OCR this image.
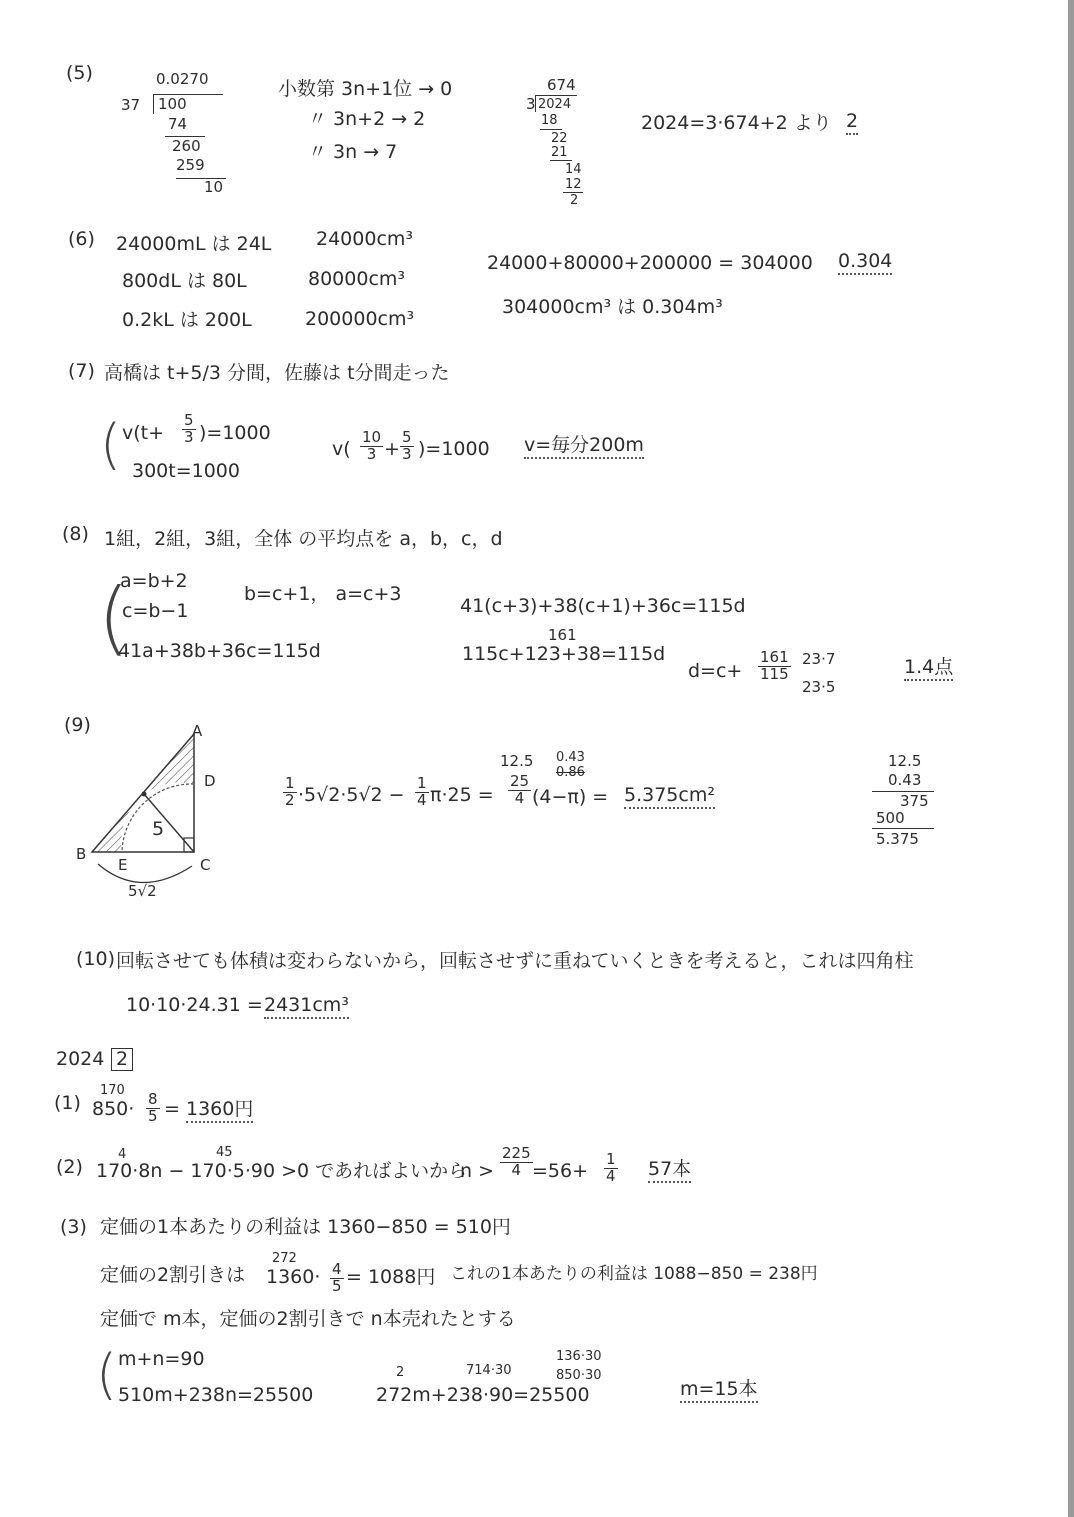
(5)	0.0270
37 100
74
260
259
10
小数第 3n+1位 → 0
〃 3n+2 → 2
〃 3n → 7
674
3 2024
18
22
21
14
12
2
2024=3·674+2 より 2
(6) 24000mL は 24L 24000cm³
800dL は 80L	80000cm³
0.2kL は 200L	200000cm³
24000+80000+200000 = 304000 0.304
304000cm³ は 0.304m³
(7) 高橋は t+5/3 分間，佐藤は t分間走った
( $v(t+ \frac{5}{3} )=1000$
300t=1000
$v( \frac{10}{3} + \frac{5}{3} )=1000$ v=毎分200m
(8) 1組，2組，3組，全体 の平均点を a，b，c，d
(
a=b+2
c=b−1
41a+38b+36c=115d
b=c+1， a=c+3
41(c+3)+38(c+1)+36c=115d
161
115c+123+38=115d
$d=c+ \frac{161}{115} 23\cdot 7$
23·5
1.4点
(9)	A
D
B
E	C
5
5√2
$\frac{1}{2} \cdot 5√2\cdot 5√2 - \frac{1}{4} \pi\cdot 25$ =
12.5 0.43
0.86
$\frac{25}{4} (4-\pi) = 5.375cm^2$
12.5
0.43
375
500
5.375
(10) 回転させても体積は変わらないから，回転させずに重ねていくときを考えると，これは四角柱
10·10·24.31 = 2431cm³
2024 2
(1)
170
$850\cdot \frac{8}{5} = 1360$円
(2)
4	45
170·8n − 170·5·90 >0 であればよいから
$n > \frac{225}{4} =56+ \frac{1}{4} 57$本
(3) 定価の1本あたりの利益は 1360−850 = 510円
定価の2割引きは
272
$1360\cdot \frac{4}{5} = 1088$円 これの1本あたりの利益は 1088−850 = 238円
定価で m本，定価の2割引きで n本売れたとする
( m+n=90
510m+238n=25500
2	714·30
136·30
850·30
272m+238·90=25500	m=15本
